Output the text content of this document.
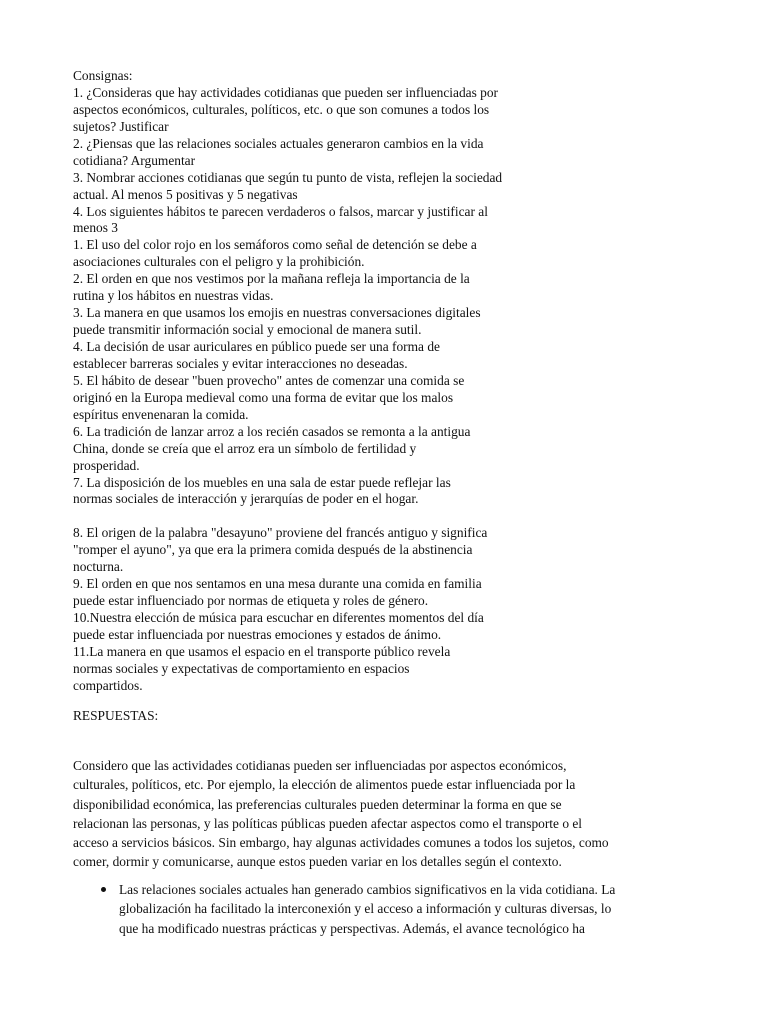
Consignas:
1. ¿Consideras que hay actividades cotidianas que pueden ser influenciadas por
aspectos económicos, culturales, políticos, etc. o que son comunes a todos los
sujetos? Justificar
2. ¿Piensas que las relaciones sociales actuales generaron cambios en la vida
cotidiana? Argumentar
3. Nombrar acciones cotidianas que según tu punto de vista, reflejen la sociedad
actual. Al menos 5 positivas y 5 negativas
4. Los siguientes hábitos te parecen verdaderos o falsos, marcar y justificar al
menos 3
1. El uso del color rojo en los semáforos como señal de detención se debe a
asociaciones culturales con el peligro y la prohibición.
2. El orden en que nos vestimos por la mañana refleja la importancia de la
rutina y los hábitos en nuestras vidas.
3. La manera en que usamos los emojis en nuestras conversaciones digitales
puede transmitir información social y emocional de manera sutil.
4. La decisión de usar auriculares en público puede ser una forma de
establecer barreras sociales y evitar interacciones no deseadas.
5. El hábito de desear "buen provecho" antes de comenzar una comida se
originó en la Europa medieval como una forma de evitar que los malos
espíritus envenenaran la comida.
6. La tradición de lanzar arroz a los recién casados se remonta a la antigua
China, donde se creía que el arroz era un símbolo de fertilidad y
prosperidad.
7. La disposición de los muebles en una sala de estar puede reflejar las
normas sociales de interacción y jerarquías de poder en el hogar.
8. El origen de la palabra "desayuno" proviene del francés antiguo y significa
"romper el ayuno", ya que era la primera comida después de la abstinencia
nocturna.
9. El orden en que nos sentamos en una mesa durante una comida en familia
puede estar influenciado por normas de etiqueta y roles de género.
10.Nuestra elección de música para escuchar en diferentes momentos del día
puede estar influenciada por nuestras emociones y estados de ánimo.
11.La manera en que usamos el espacio en el transporte público revela
normas sociales y expectativas de comportamiento en espacios
compartidos.
RESPUESTAS:
Considero que las actividades cotidianas pueden ser influenciadas por aspectos económicos,
culturales, políticos, etc. Por ejemplo, la elección de alimentos puede estar influenciada por la
disponibilidad económica, las preferencias culturales pueden determinar la forma en que se
relacionan las personas, y las políticas públicas pueden afectar aspectos como el transporte o el
acceso a servicios básicos. Sin embargo, hay algunas actividades comunes a todos los sujetos, como
comer, dormir y comunicarse, aunque estos pueden variar en los detalles según el contexto.
Las relaciones sociales actuales han generado cambios significativos en la vida cotidiana. La
globalización ha facilitado la interconexión y el acceso a información y culturas diversas, lo
que ha modificado nuestras prácticas y perspectivas. Además, el avance tecnológico ha
